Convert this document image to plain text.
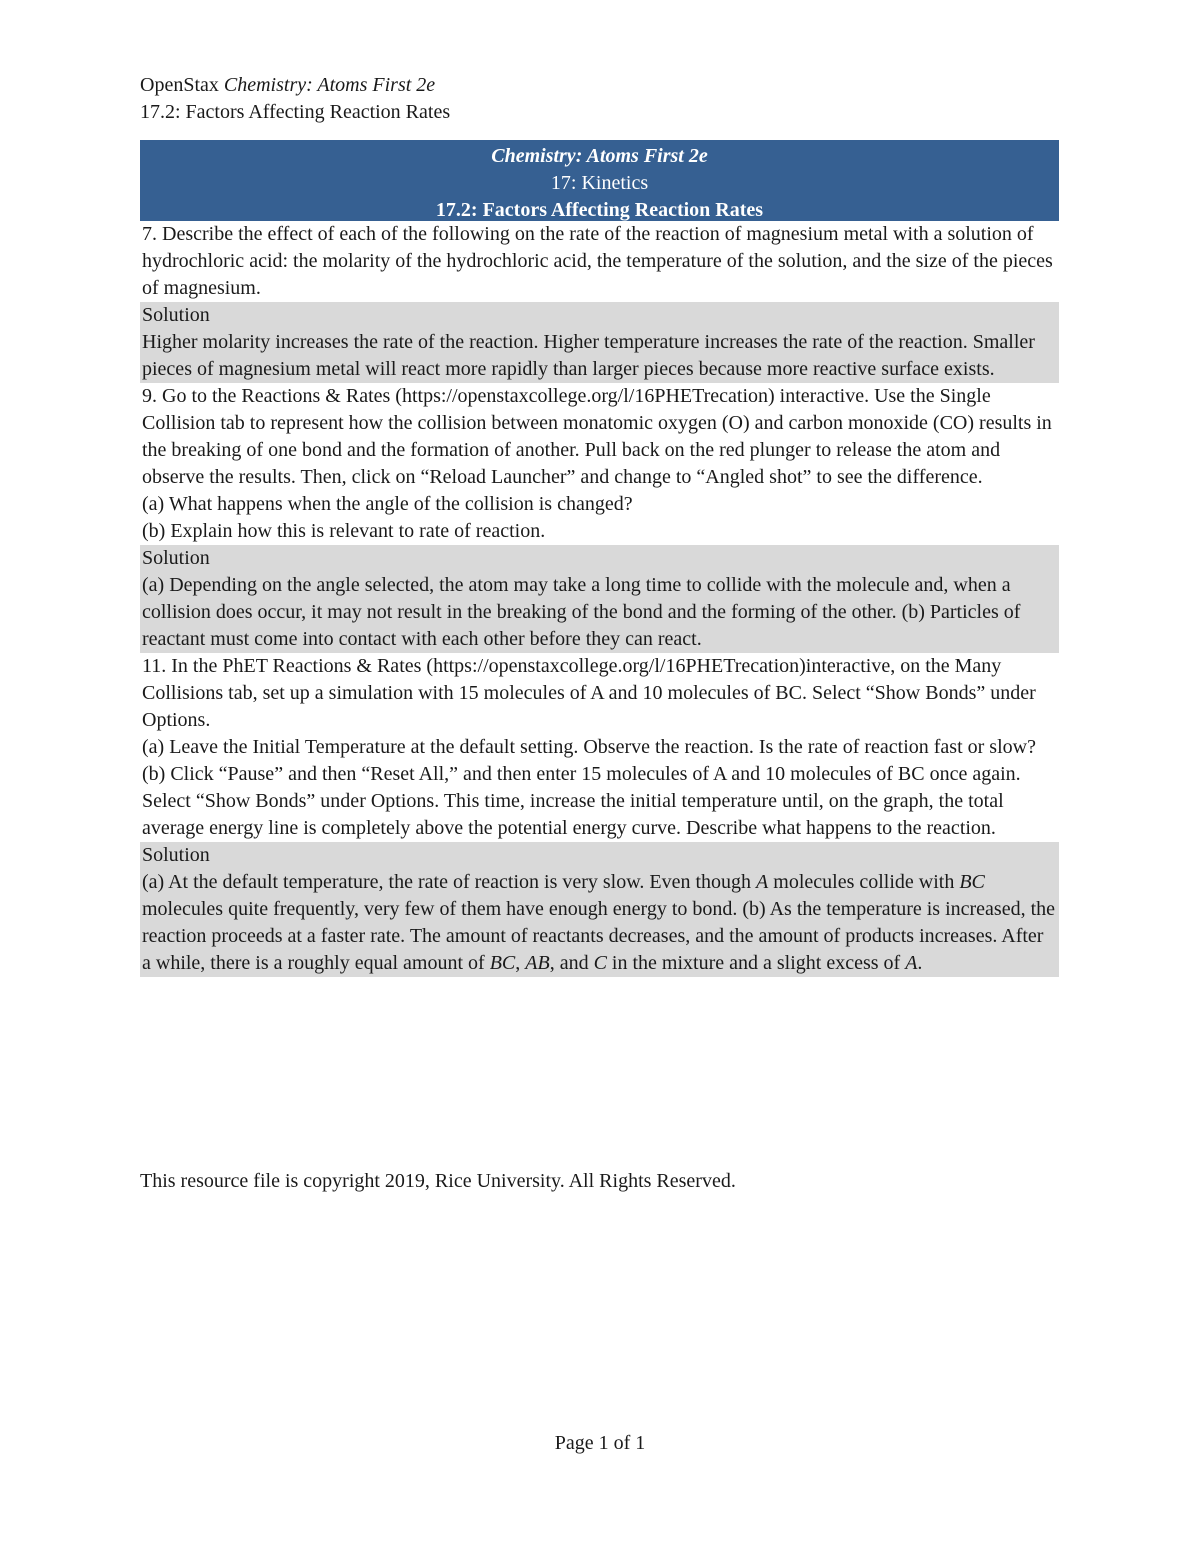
OpenStax Chemistry: Atoms First 2e
17.2: Factors Affecting Reaction Rates
Chemistry: Atoms First 2e
17: Kinetics
17.2: Factors Affecting Reaction Rates

7. Describe the effect of each of the following on the rate of the reaction of magnesium metal with a solution of hydrochloric acid: the molarity of the hydrochloric acid, the temperature of the solution, and the size of the pieces of magnesium.

Solution

Higher molarity increases the rate of the reaction. Higher temperature increases the rate of the reaction. Smaller pieces of magnesium metal will react more rapidly than larger pieces because more reactive surface exists.

9. Go to the Reactions & Rates (https://openstaxcollege.org/l/16PHETrecation) interactive. Use the Single Collision tab to represent how the collision between monatomic oxygen (O) and carbon monoxide (CO) results in the breaking of one bond and the formation of another. Pull back on the red plunger to release the atom and observe the results. Then, click on “Reload Launcher” and change to “Angled shot” to see the difference.

(a) What happens when the angle of the collision is changed?

(b) Explain how this is relevant to rate of reaction.

Solution

(a) Depending on the angle selected, the atom may take a long time to collide with the molecule and, when a collision does occur, it may not result in the breaking of the bond and the forming of the other. (b) Particles of reactant must come into contact with each other before they can react.

11. In the PhET Reactions & Rates (https://openstaxcollege.org/l/16PHETrecation)interactive, on the Many Collisions tab, set up a simulation with 15 molecules of A and 10 molecules of BC. Select “Show Bonds” under Options.

(a) Leave the Initial Temperature at the default setting. Observe the reaction. Is the rate of reaction fast or slow?

(b) Click “Pause” and then “Reset All,” and then enter 15 molecules of A and 10 molecules of BC once again. Select “Show Bonds” under Options. This time, increase the initial temperature until, on the graph, the total average energy line is completely above the potential energy curve. Describe what happens to the reaction.

Solution

(a) At the default temperature, the rate of reaction is very slow. Even though A molecules collide with BC molecules quite frequently, very few of them have enough energy to bond. (b) As the temperature is increased, the reaction proceeds at a faster rate. The amount of reactants decreases, and the amount of products increases. After a while, there is a roughly equal amount of BC, AB, and C in the mixture and a slight excess of A.

This resource file is copyright 2019, Rice University. All Rights Reserved.
Page 1 of 1
